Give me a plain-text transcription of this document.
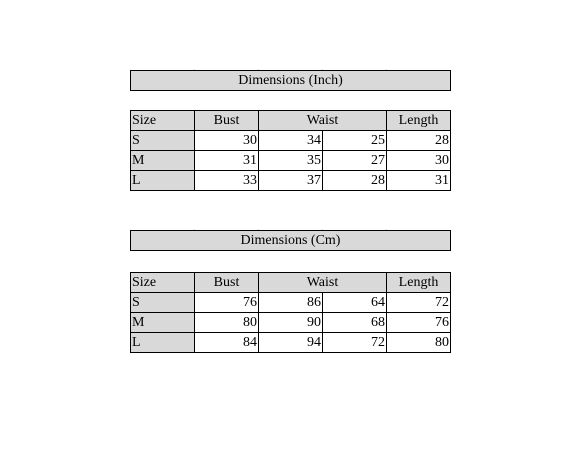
Dimensions (Inch)
Size	Bust	Waist		Length
S	30	34	25	28
M	31	35	27	30
L	33	37	28	31
Dimensions (Cm)
Size	Bust	Waist		Length
S	76	86	64	72
M	80	90	68	76
L	84	94	72	80
